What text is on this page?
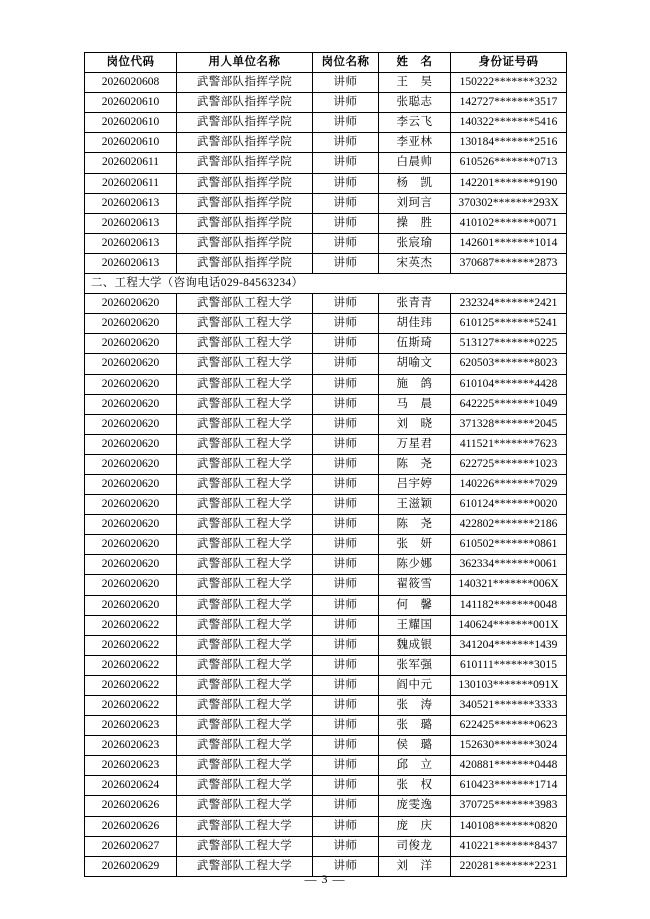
岗位代码	用人单位名称	岗位名称	姓　名	身份证号码
2026020608	武警部队指挥学院	讲师	王　昊	150222*******3232
2026020610	武警部队指挥学院	讲师	张聪志	142727*******3517
2026020610	武警部队指挥学院	讲师	李云飞	140322*******5416
2026020610	武警部队指挥学院	讲师	李亚林	130184*******2516
2026020611	武警部队指挥学院	讲师	白晨帅	610526*******0713
2026020611	武警部队指挥学院	讲师	杨　凯	142201*******9190
2026020613	武警部队指挥学院	讲师	刘珂言	370302*******293X
2026020613	武警部队指挥学院	讲师	操　胜	410102*******0071
2026020613	武警部队指挥学院	讲师	张宸瑜	142601*******1014
2026020613	武警部队指挥学院	讲师	宋英杰	370687*******2873
二、工程大学（咨询电话029-84563234）				
2026020620	武警部队工程大学	讲师	张青青	232324*******2421
2026020620	武警部队工程大学	讲师	胡佳玮	610125*******5241
2026020620	武警部队工程大学	讲师	伍斯琦	513127*******0225
2026020620	武警部队工程大学	讲师	胡喻文	620503*******8023
2026020620	武警部队工程大学	讲师	施　鸽	610104*******4428
2026020620	武警部队工程大学	讲师	马　晨	642225*******1049
2026020620	武警部队工程大学	讲师	刘　晓	371328*******2045
2026020620	武警部队工程大学	讲师	万星君	411521*******7623
2026020620	武警部队工程大学	讲师	陈　尧	622725*******1023
2026020620	武警部队工程大学	讲师	吕宇婷	140226*******7029
2026020620	武警部队工程大学	讲师	王滋颖	610124*******0020
2026020620	武警部队工程大学	讲师	陈　尧	422802*******2186
2026020620	武警部队工程大学	讲师	张　妍	610502*******0861
2026020620	武警部队工程大学	讲师	陈少娜	362334*******0061
2026020620	武警部队工程大学	讲师	翟筱雪	140321*******006X
2026020620	武警部队工程大学	讲师	何　馨	141182*******0048
2026020622	武警部队工程大学	讲师	王耀国	140624*******001X
2026020622	武警部队工程大学	讲师	魏成银	341204*******1439
2026020622	武警部队工程大学	讲师	张军强	610111*******3015
2026020622	武警部队工程大学	讲师	阎中元	130103*******091X
2026020622	武警部队工程大学	讲师	张　涛	340521*******3333
2026020623	武警部队工程大学	讲师	张　璐	622425*******0623
2026020623	武警部队工程大学	讲师	侯　璐	152630*******3024
2026020623	武警部队工程大学	讲师	邱　立	420881*******0448
2026020624	武警部队工程大学	讲师	张　权	610423*******1714
2026020626	武警部队工程大学	讲师	庞雯逸	370725*******3983
2026020626	武警部队工程大学	讲师	庞　庆	140108*******0820
2026020627	武警部队工程大学	讲师	司俊龙	410221*******8437
2026020629	武警部队工程大学	讲师	刘　洋	220281*******2231
— 3 —
